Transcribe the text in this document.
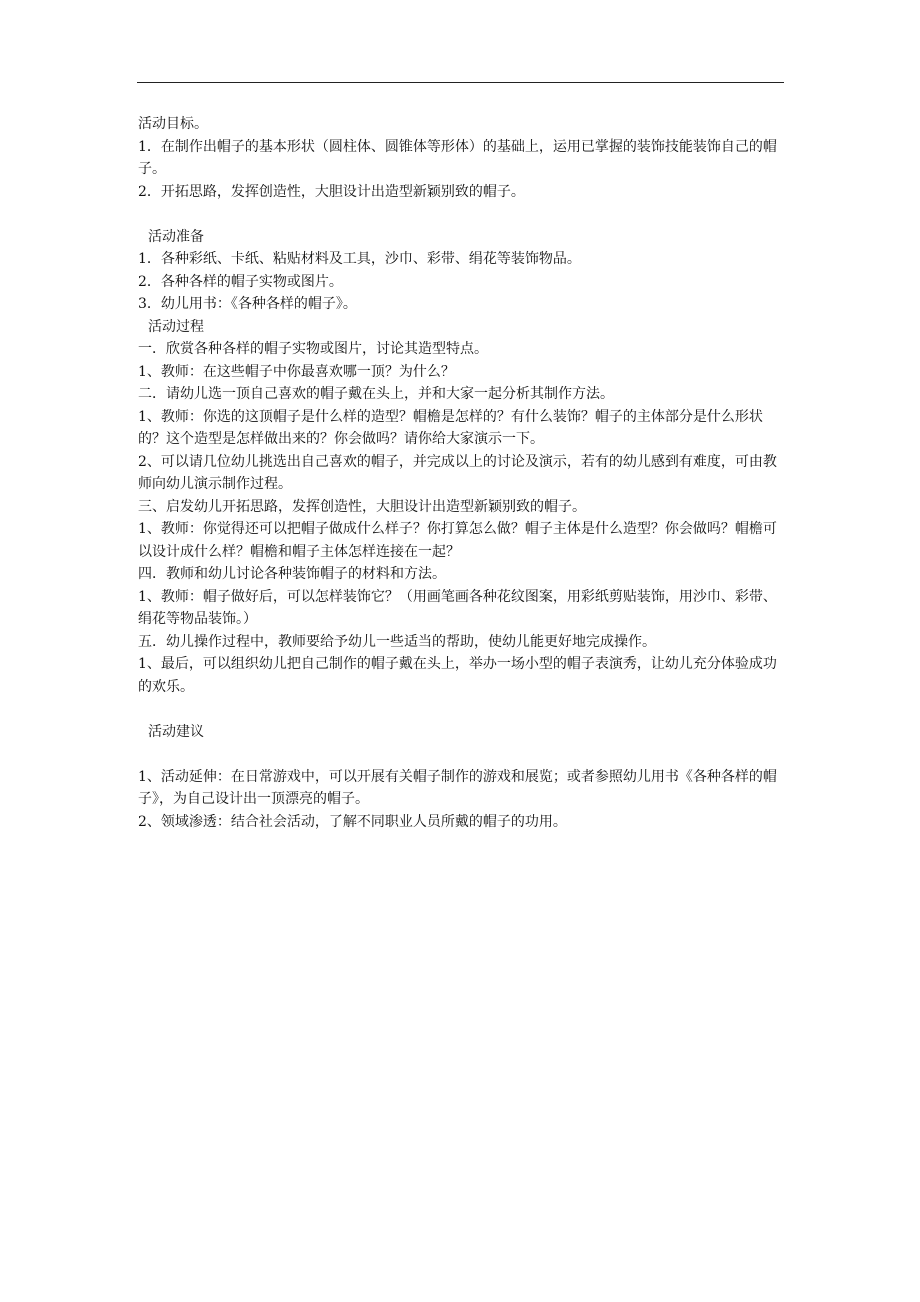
活动目标。
1．在制作出帽子的基本形状（圆柱体、圆锥体等形体）的基础上，运用已掌握的装饰技能装饰自己的帽子。
2．开拓思路，发挥创造性，大胆设计出造型新颖别致的帽子。
活动准备
1．各种彩纸、卡纸、粘贴材料及工具，沙巾、彩带、绢花等装饰物品。
2．各种各样的帽子实物或图片。
3．幼儿用书：《各种各样的帽子》。
活动过程
一．欣赏各种各样的帽子实物或图片，讨论其造型特点。
1、教师：在这些帽子中你最喜欢哪一顶？为什么？
二．请幼儿选一顶自己喜欢的帽子戴在头上，并和大家一起分析其制作方法。
1、教师：你选的这顶帽子是什么样的造型？帽檐是怎样的？有什么装饰？帽子的主体部分是什么形状的？这个造型是怎样做出来的？你会做吗？请你给大家演示一下。
2、可以请几位幼儿挑选出自己喜欢的帽子，并完成以上的讨论及演示，若有的幼儿感到有难度，可由教师向幼儿演示制作过程。
三、启发幼儿开拓思路，发挥创造性，大胆设计出造型新颖别致的帽子。
1、教师：你觉得还可以把帽子做成什么样子？你打算怎么做？帽子主体是什么造型？你会做吗？帽檐可以设计成什么样？帽檐和帽子主体怎样连接在一起？
四．教师和幼儿讨论各种装饰帽子的材料和方法。
1、教师：帽子做好后，可以怎样装饰它？（用画笔画各种花纹图案，用彩纸剪贴装饰，用沙巾、彩带、绢花等物品装饰。）
五．幼儿操作过程中，教师要给予幼儿一些适当的帮助，使幼儿能更好地完成操作。
1、最后，可以组织幼儿把自己制作的帽子戴在头上，举办一场小型的帽子表演秀，让幼儿充分体验成功的欢乐。
活动建议
1、活动延伸：在日常游戏中，可以开展有关帽子制作的游戏和展览；或者参照幼儿用书《各种各样的帽子》，为自己设计出一顶漂亮的帽子。
2、领域渗透：结合社会活动，了解不同职业人员所戴的帽子的功用。
